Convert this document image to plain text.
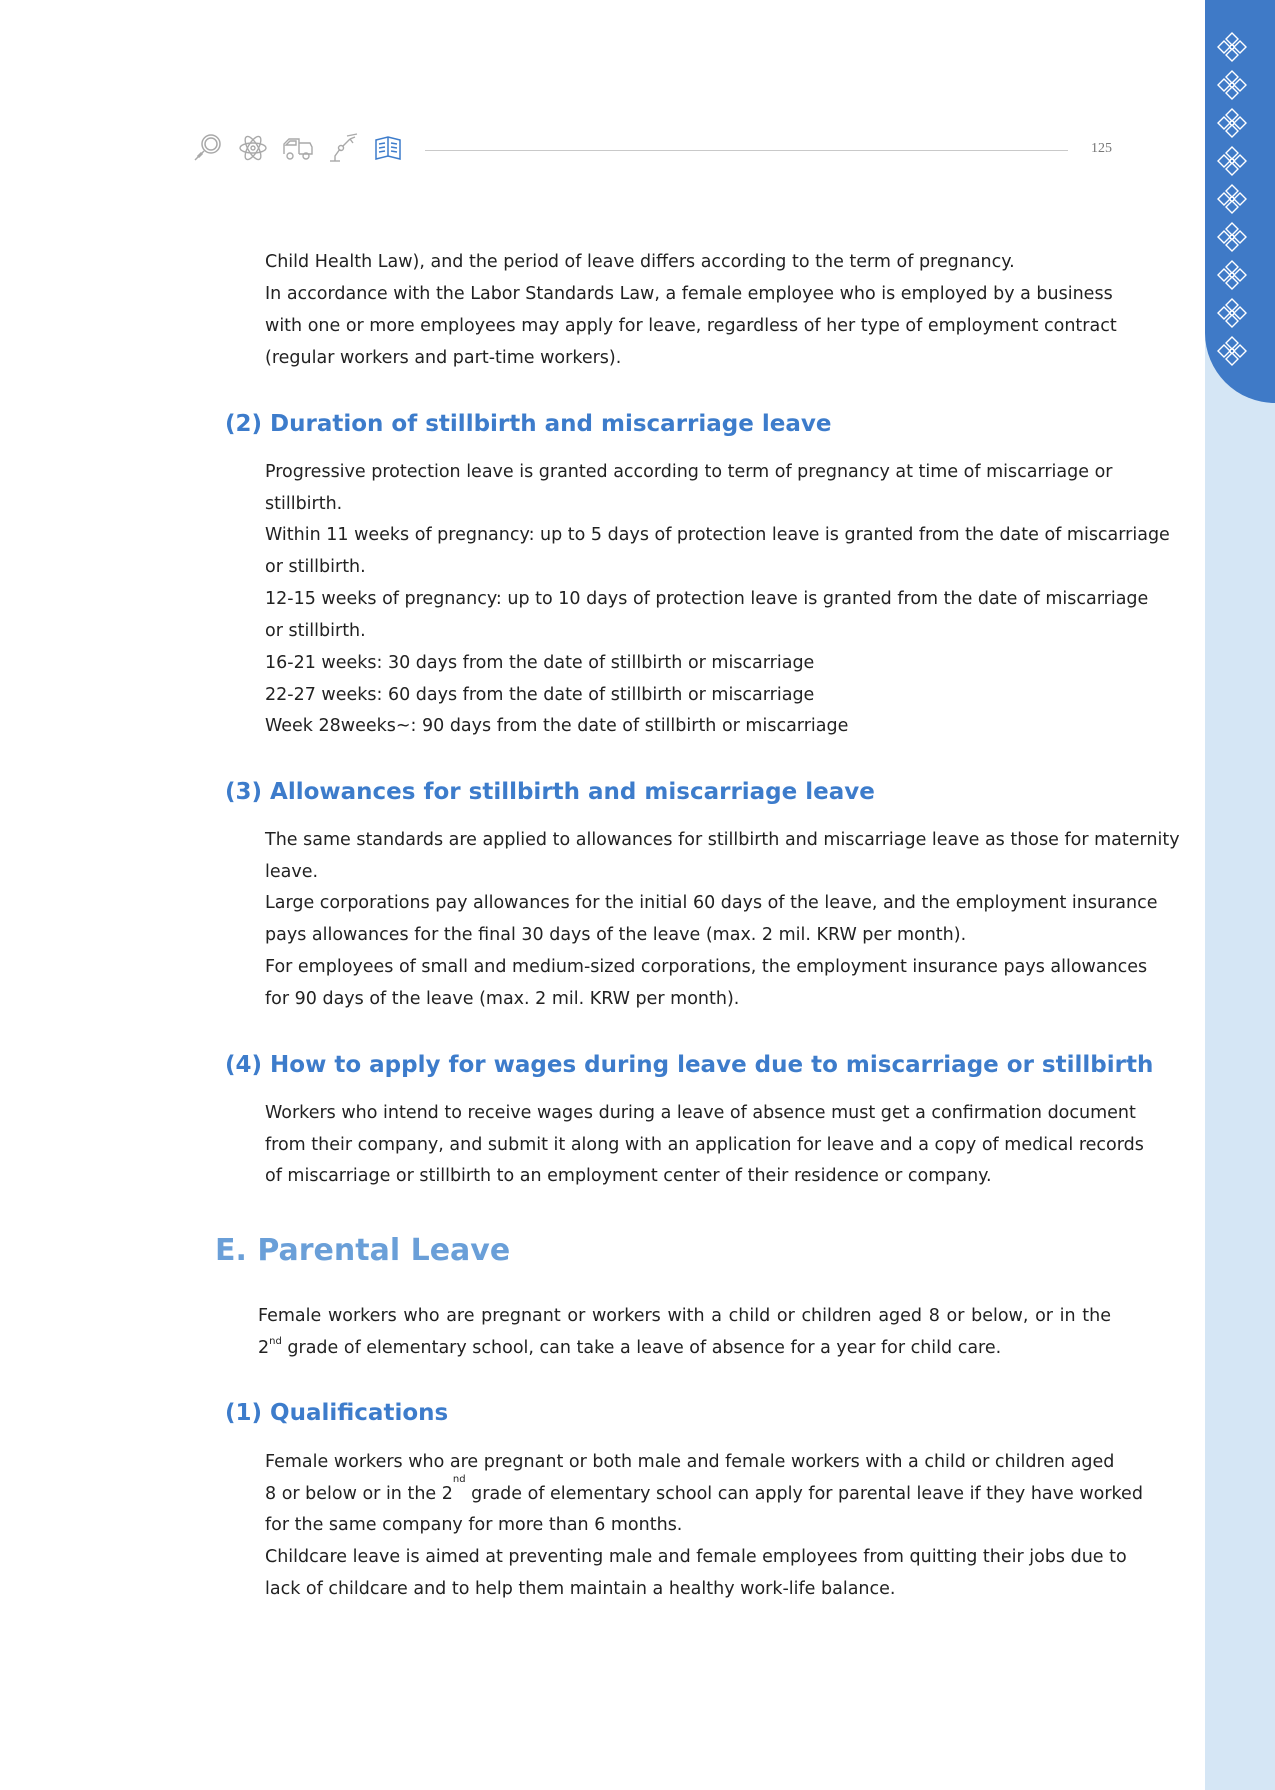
125
Child Health Law), and the period of leave differs according to the term of pregnancy.
In accordance with the Labor Standards Law, a female employee who is employed by a business
with one or more employees may apply for leave, regardless of her type of employment contract
(regular workers and part-time workers).
(2) Duration of stillbirth and miscarriage leave
Progressive protection leave is granted according to term of pregnancy at time of miscarriage or
stillbirth.
Within 11 weeks of pregnancy: up to 5 days of protection leave is granted from the date of miscarriage
or stillbirth.
12-15 weeks of pregnancy: up to 10 days of protection leave is granted from the date of miscarriage
or stillbirth.
16-21 weeks: 30 days from the date of stillbirth or miscarriage
22-27 weeks: 60 days from the date of stillbirth or miscarriage
Week 28weeks~: 90 days from the date of stillbirth or miscarriage
(3) Allowances for stillbirth and miscarriage leave
The same standards are applied to allowances for stillbirth and miscarriage leave as those for maternity
leave.
Large corporations pay allowances for the initial 60 days of the leave, and the employment insurance
pays allowances for the final 30 days of the leave (max. 2 mil. KRW per month).
For employees of small and medium-sized corporations, the employment insurance pays allowances
for 90 days of the leave (max. 2 mil. KRW per month).
(4) How to apply for wages during leave due to miscarriage or stillbirth
Workers who intend to receive wages during a leave of absence must get a confirmation document
from their company, and submit it along with an application for leave and a copy of medical records
of miscarriage or stillbirth to an employment center of their residence or company.
E. Parental Leave
Female workers who are pregnant or workers with a child or children aged 8 or below, or in the
2nd grade of elementary school, can take a leave of absence for a year for child care.
(1) Qualifications
Female workers who are pregnant or both male and female workers with a child or children aged
8 or below or in the 2
$^{nd}$
grade of elementary school can apply for parental leave if they have worked
for the same company for more than 6 months.
Childcare leave is aimed at preventing male and female employees from quitting their jobs due to
lack of childcare and to help them maintain a healthy work-life balance.
